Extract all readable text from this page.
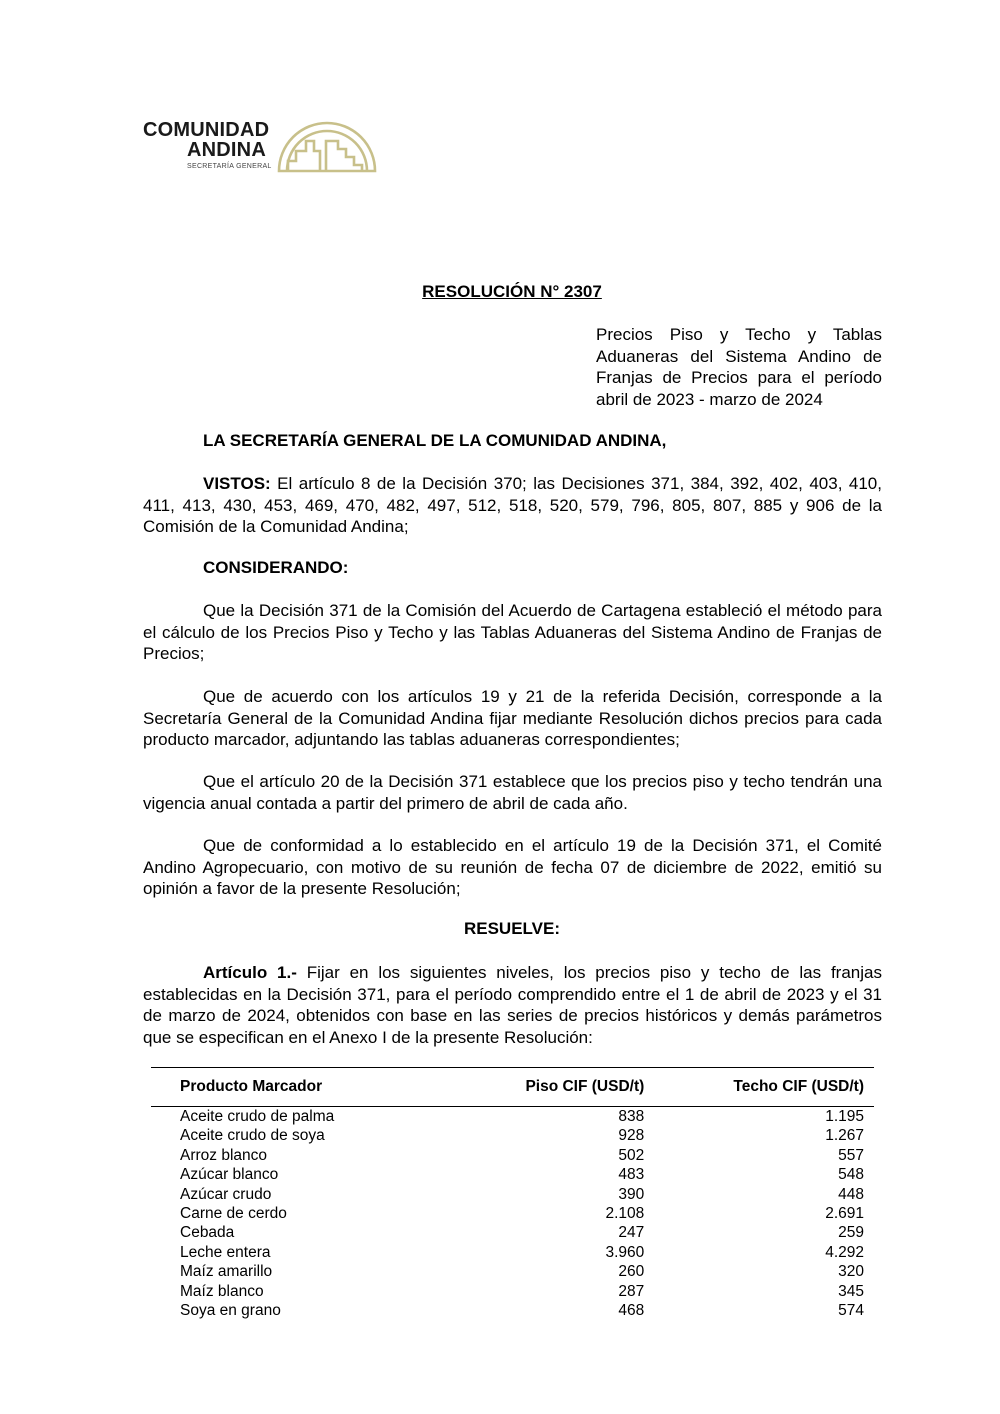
COMUNIDAD
ANDINA
SECRETARÍA GENERAL
RESOLUCIÓN N° 2307
Precios Piso y Techo y Tablas Aduaneras del Sistema Andino de Franjas de Precios para el período abril de 2023 - marzo de 2024
LA SECRETARÍA GENERAL DE LA COMUNIDAD ANDINA,
VISTOS: El artículo 8 de la Decisión 370; las Decisiones 371, 384, 392, 402, 403, 410, 411, 413, 430, 453, 469, 470, 482, 497, 512, 518, 520, 579, 796, 805, 807, 885 y 906 de la Comisión de la Comunidad Andina;
CONSIDERANDO:
Que la Decisión 371 de la Comisión del Acuerdo de Cartagena estableció el método para el cálculo de los Precios Piso y Techo y las Tablas Aduaneras del Sistema Andino de Franjas de Precios;
Que de acuerdo con los artículos 19 y 21 de la referida Decisión, corresponde a la Secretaría General de la Comunidad Andina fijar mediante Resolución dichos precios para cada producto marcador, adjuntando las tablas aduaneras correspondientes;
Que el artículo 20 de la Decisión 371 establece que los precios piso y techo tendrán una vigencia anual contada a partir del primero de abril de cada año.
Que de conformidad a lo establecido en el artículo 19 de la Decisión 371, el Comité Andino Agropecuario, con motivo de su reunión de fecha 07 de diciembre de 2022, emitió su opinión a favor de la presente Resolución;
RESUELVE:
Artículo 1.- Fijar en los siguientes niveles, los precios piso y techo de las franjas establecidas en la Decisión 371, para el período comprendido entre el 1 de abril de 2023 y el 31 de marzo de 2024, obtenidos con base en las series de precios históricos y demás parámetros que se especifican en el Anexo I de la presente Resolución:
Producto Marcador	Piso CIF (USD/t)	Techo CIF (USD/t)
Aceite crudo de palma	838	1.195
Aceite crudo de soya	928	1.267
Arroz blanco	502	557
Azúcar blanco	483	548
Azúcar crudo	390	448
Carne de cerdo	2.108	2.691
Cebada	247	259
Leche entera	3.960	4.292
Maíz amarillo	260	320
Maíz blanco	287	345
Soya en grano	468	574
